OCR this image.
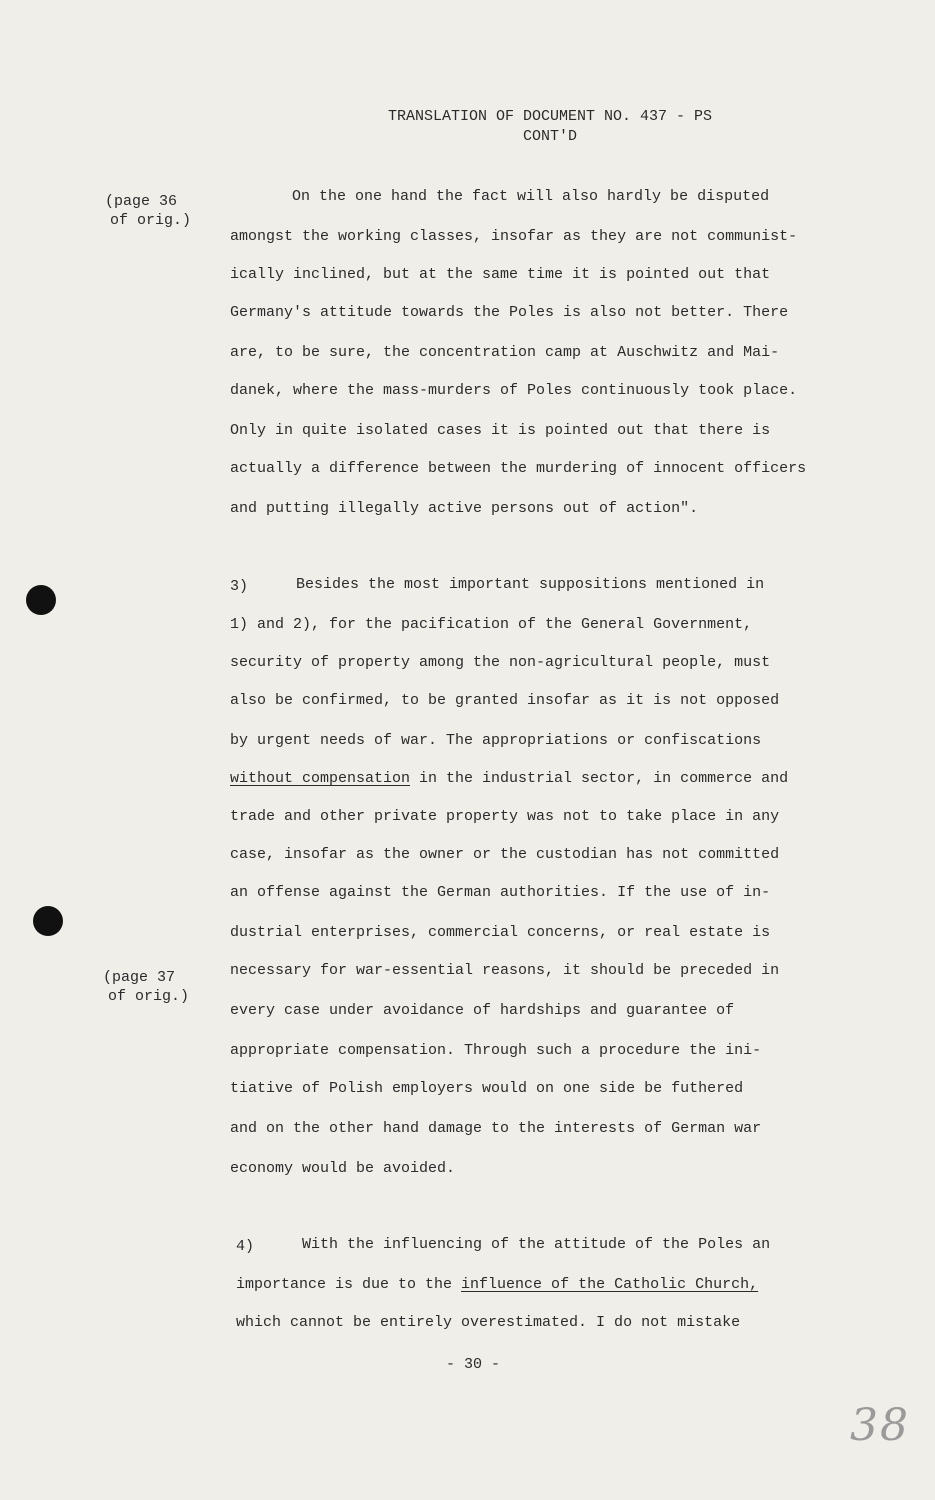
TRANSLATION OF DOCUMENT NO. 437 - PS
CONT'D
(page 36
of orig.)
(page 37
of orig.)
On the one hand the fact will also hardly be disputed
amongst the working classes, insofar as they are not communist-
ically inclined, but at the same time it is pointed out that
Germany's attitude towards the Poles is also not better. There
are, to be sure, the concentration camp at Auschwitz and Mai-
danek, where the mass-murders of Poles continuously took place.
Only in quite isolated cases it is pointed out that there is
actually a difference between the murdering of innocent officers
and putting illegally active persons out of action".
3)	Besides the most important suppositions mentioned in
1) and 2), for the pacification of the General Government,
security of property among the non-agricultural people, must
also be confirmed, to be granted insofar as it is not opposed
by urgent needs of war. The appropriations or confiscations
without compensation in the industrial sector, in commerce and
trade and other private property was not to take place in any
case, insofar as the owner or the custodian has not committed
an offense against the German authorities. If the use of in-
dustrial enterprises, commercial concerns, or real estate is
necessary for war-essential reasons, it should be preceded in
every case under avoidance of hardships and guarantee of
appropriate compensation. Through such a procedure the ini-
tiative of Polish employers would on one side be futhered
and on the other hand damage to the interests of German war
economy would be avoided.
4)	With the influencing of the attitude of the Poles an
importance is due to the influence of the Catholic Church,
which cannot be entirely overestimated. I do not mistake
- 30 -
38
